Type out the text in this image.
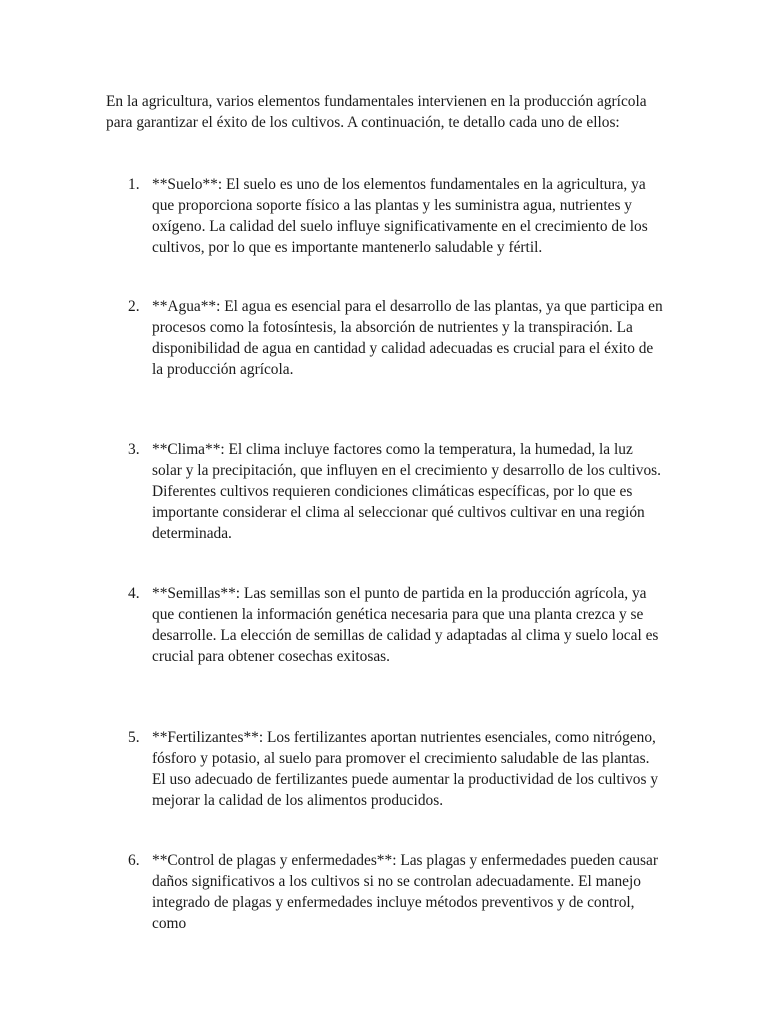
En la agricultura, varios elementos fundamentales intervienen en la producción agrícola para garantizar el éxito de los cultivos. A continuación, te detallo cada uno de ellos:

1. **Suelo**: El suelo es uno de los elementos fundamentales en la agricultura, ya que proporciona soporte físico a las plantas y les suministra agua, nutrientes y oxígeno. La calidad del suelo influye significativamente en el crecimiento de los cultivos, por lo que es importante mantenerlo saludable y fértil.

2. **Agua**: El agua es esencial para el desarrollo de las plantas, ya que participa en procesos como la fotosíntesis, la absorción de nutrientes y la transpiración. La disponibilidad de agua en cantidad y calidad adecuadas es crucial para el éxito de la producción agrícola.

3. **Clima**: El clima incluye factores como la temperatura, la humedad, la luz solar y la precipitación, que influyen en el crecimiento y desarrollo de los cultivos. Diferentes cultivos requieren condiciones climáticas específicas, por lo que es importante considerar el clima al seleccionar qué cultivos cultivar en una región determinada.

4. **Semillas**: Las semillas son el punto de partida en la producción agrícola, ya que contienen la información genética necesaria para que una planta crezca y se desarrolle. La elección de semillas de calidad y adaptadas al clima y suelo local es crucial para obtener cosechas exitosas.

5. **Fertilizantes**: Los fertilizantes aportan nutrientes esenciales, como nitrógeno, fósforo y potasio, al suelo para promover el crecimiento saludable de las plantas. El uso adecuado de fertilizantes puede aumentar la productividad de los cultivos y mejorar la calidad de los alimentos producidos.

6. **Control de plagas y enfermedades**: Las plagas y enfermedades pueden causar daños significativos a los cultivos si no se controlan adecuadamente. El manejo integrado de plagas y enfermedades incluye métodos preventivos y de control, como
